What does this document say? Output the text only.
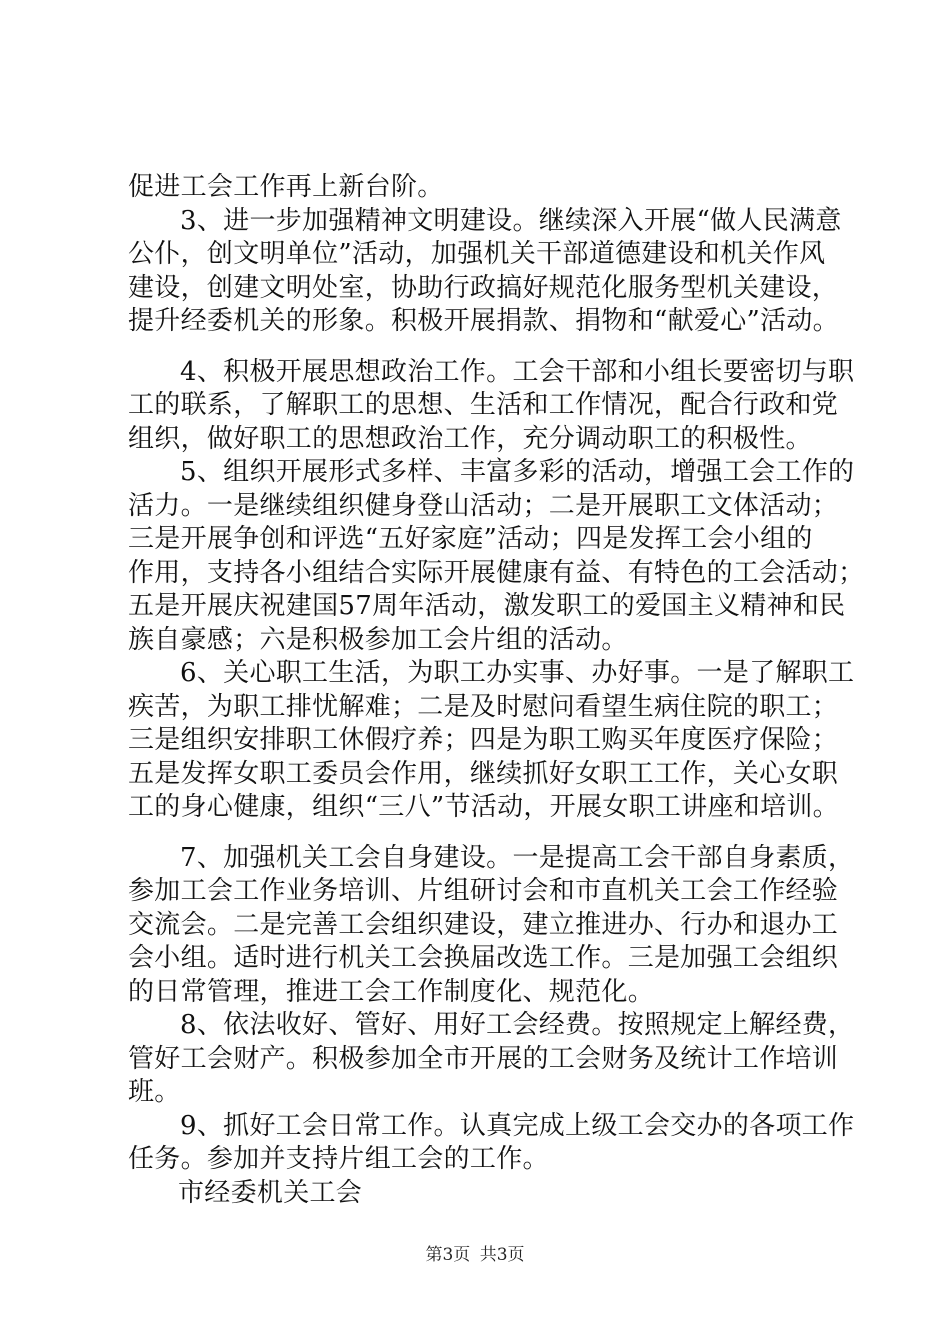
促进工会工作再上新台阶。
3、进一步加强精神文明建设。继续深入开展“做人民满意
公仆，创文明单位”活动，加强机关干部道德建设和机关作风
建设，创建文明处室，协助行政搞好规范化服务型机关建设，
提升经委机关的形象。积极开展捐款、捐物和“献爱心”活动。
4、积极开展思想政治工作。工会干部和小组长要密切与职
工的联系，了解职工的思想、生活和工作情况，配合行政和党
组织，做好职工的思想政治工作，充分调动职工的积极性。
5、组织开展形式多样、丰富多彩的活动，增强工会工作的
活力。一是继续组织健身登山活动；二是开展职工文体活动；
三是开展争创和评选“五好家庭”活动；四是发挥工会小组的
作用，支持各小组结合实际开展健康有益、有特色的工会活动；
五是开展庆祝建国57周年活动，激发职工的爱国主义精神和民
族自豪感；六是积极参加工会片组的活动。
6、关心职工生活，为职工办实事、办好事。一是了解职工
疾苦，为职工排忧解难；二是及时慰问看望生病住院的职工；
三是组织安排职工休假疗养；四是为职工购买年度医疗保险；
五是发挥女职工委员会作用，继续抓好女职工工作，关心女职
工的身心健康，组织“三八”节活动，开展女职工讲座和培训。
7、加强机关工会自身建设。一是提高工会干部自身素质，
参加工会工作业务培训、片组研讨会和市直机关工会工作经验
交流会。二是完善工会组织建设，建立推进办、行办和退办工
会小组。适时进行机关工会换届改选工作。三是加强工会组织
的日常管理，推进工会工作制度化、规范化。
8、依法收好、管好、用好工会经费。按照规定上解经费，
管好工会财产。积极参加全市开展的工会财务及统计工作培训
班。
9、抓好工会日常工作。认真完成上级工会交办的各项工作
任务。参加并支持片组工会的工作。
市经委机关工会
第3页 共3页
